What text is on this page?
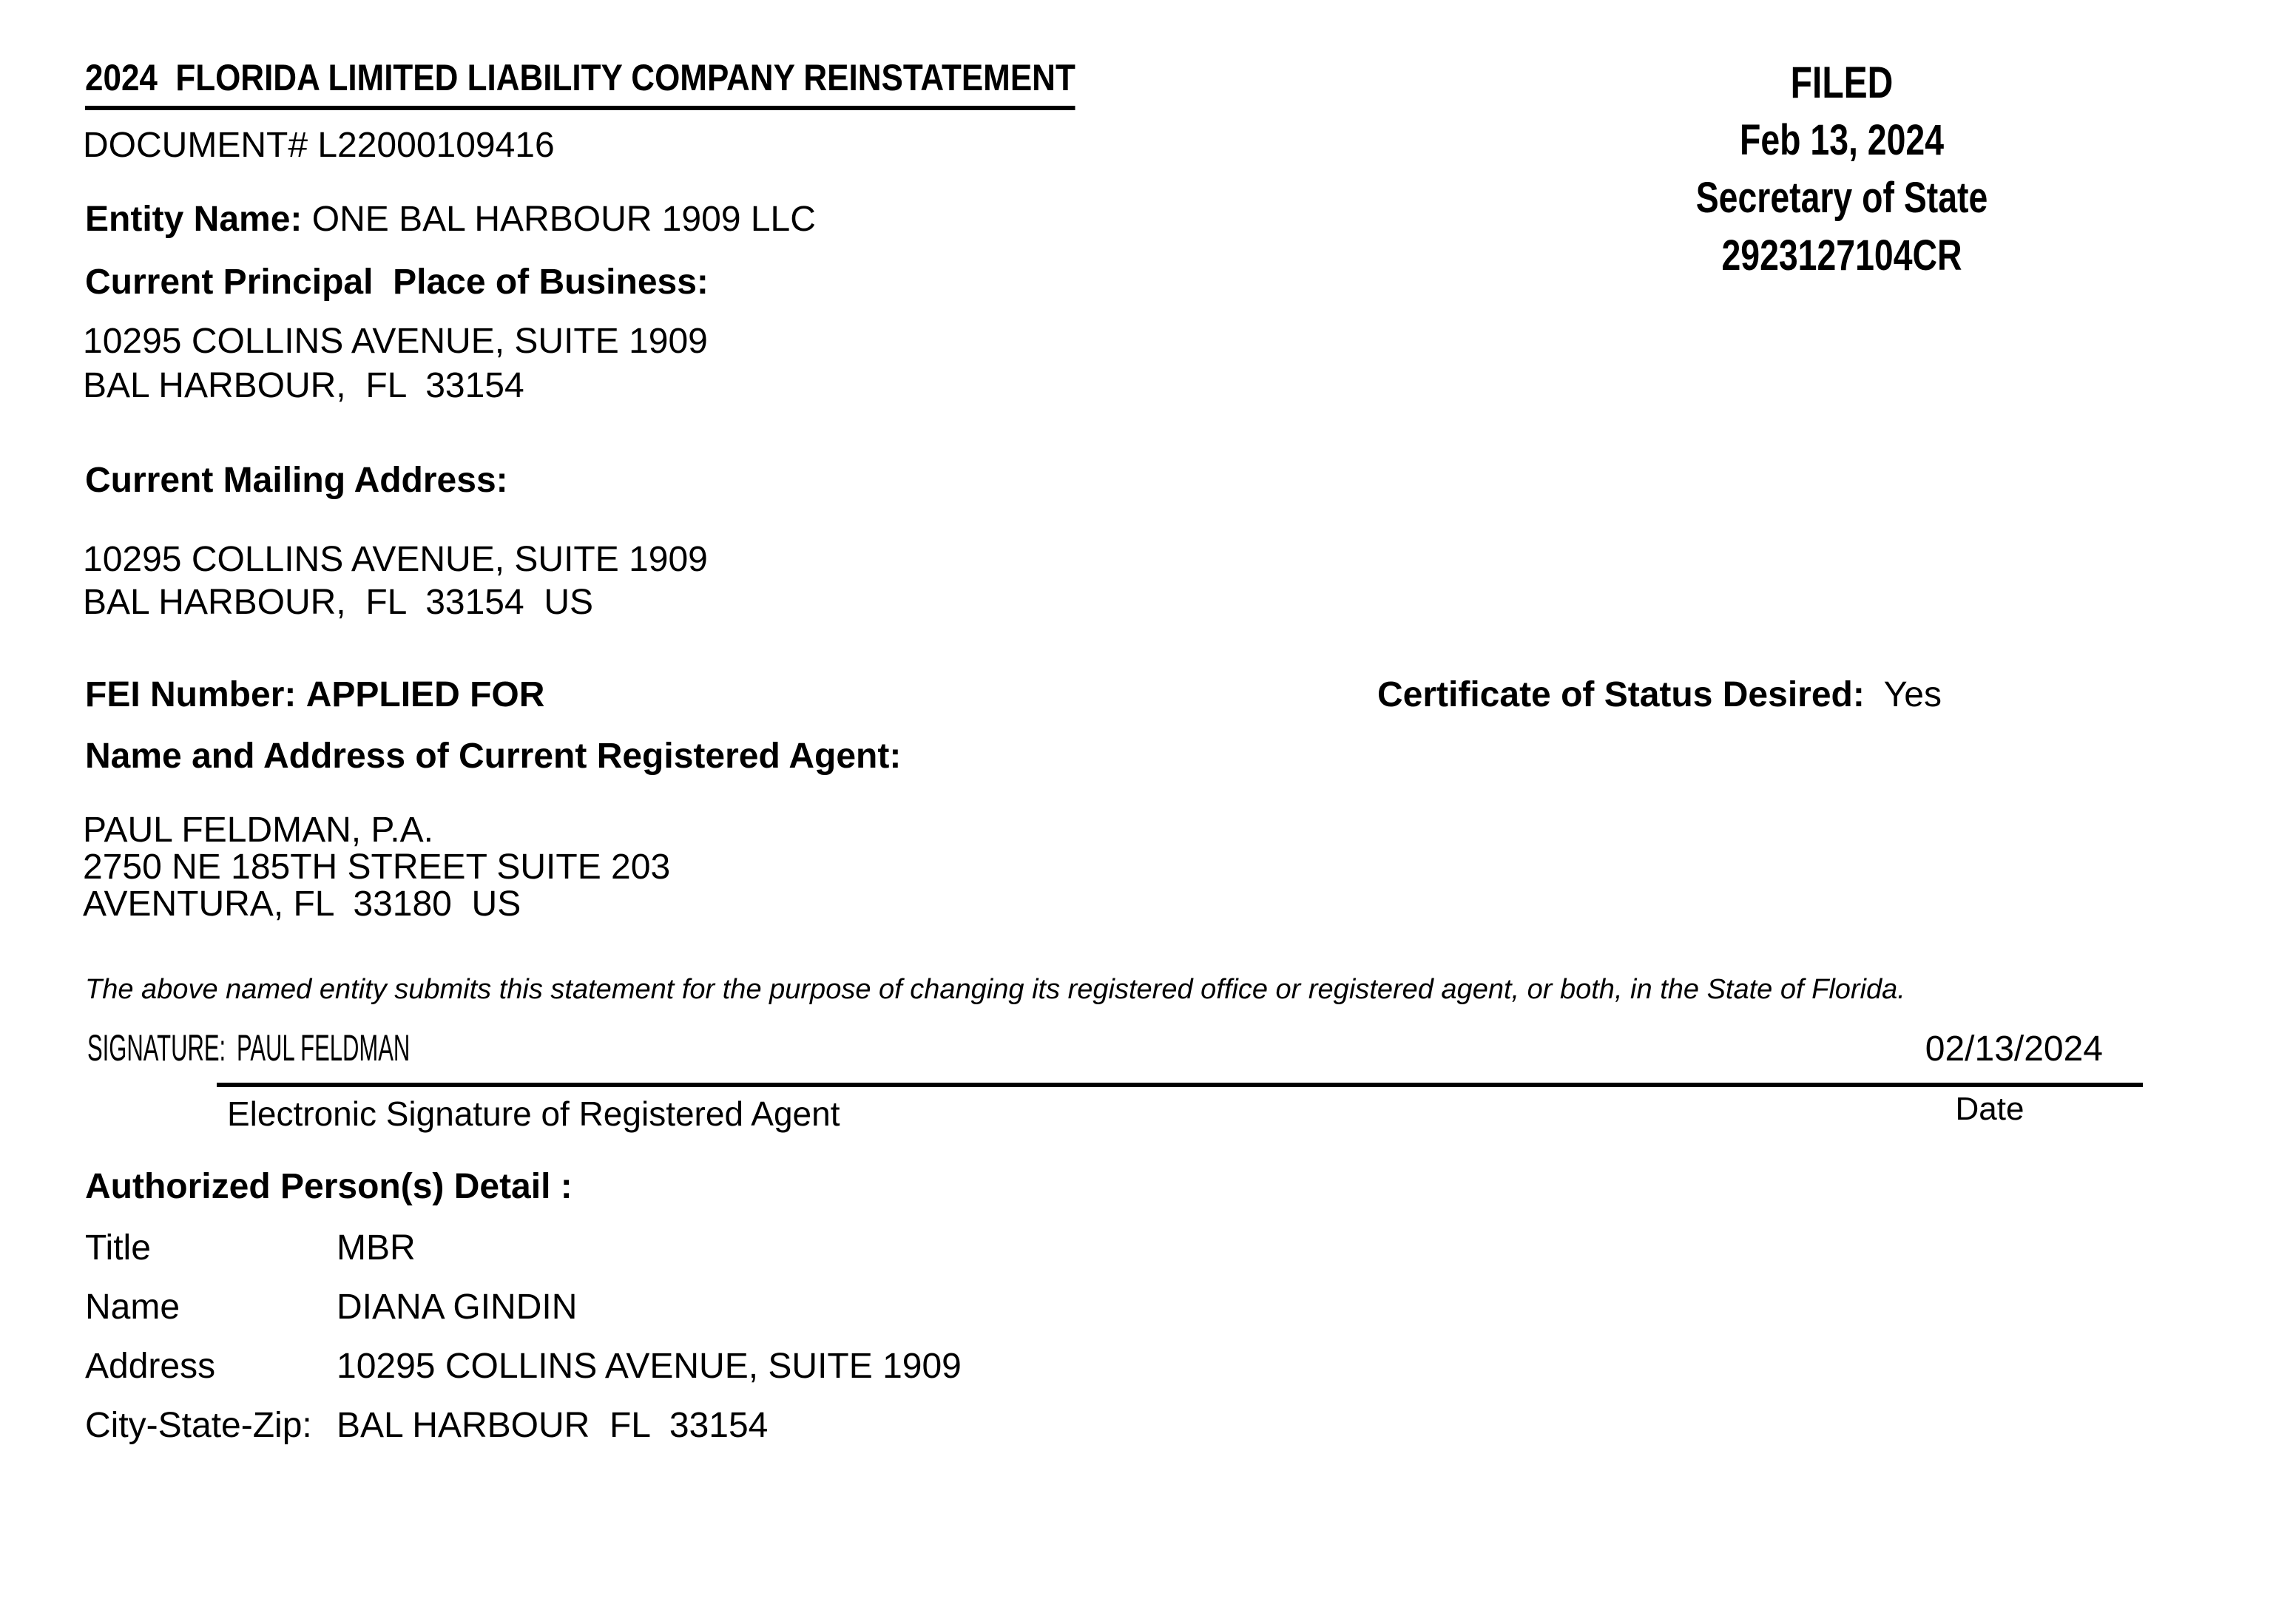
2024  FLORIDA LIMITED LIABILITY COMPANY REINSTATEMENT	FILED
Feb 13, 2024
Secretary of State
2923127104CR
DOCUMENT# L22000109416
Entity Name: ONE BAL HARBOUR 1909 LLC
Current Principal  Place of Business:
10295 COLLINS AVENUE, SUITE 1909
BAL HARBOUR,  FL  33154
Current Mailing Address:
10295 COLLINS AVENUE, SUITE 1909
BAL HARBOUR,  FL  33154  US
FEI Number: APPLIED FOR	Certificate of Status Desired: Yes
Name and Address of Current Registered Agent:
PAUL FELDMAN, P.A.
2750 NE 185TH STREET SUITE 203
AVENTURA, FL  33180  US
The above named entity submits this statement for the purpose of changing its registered office or registered agent, or both, in the State of Florida.
SIGNATURE: PAUL FELDMAN	02/13/2024
Electronic Signature of Registered Agent	Date
Authorized Person(s) Detail :
Title	MBR
Name	DIANA GINDIN
Address	10295 COLLINS AVENUE, SUITE 1909
City-State-Zip: BAL HARBOUR  FL  33154
